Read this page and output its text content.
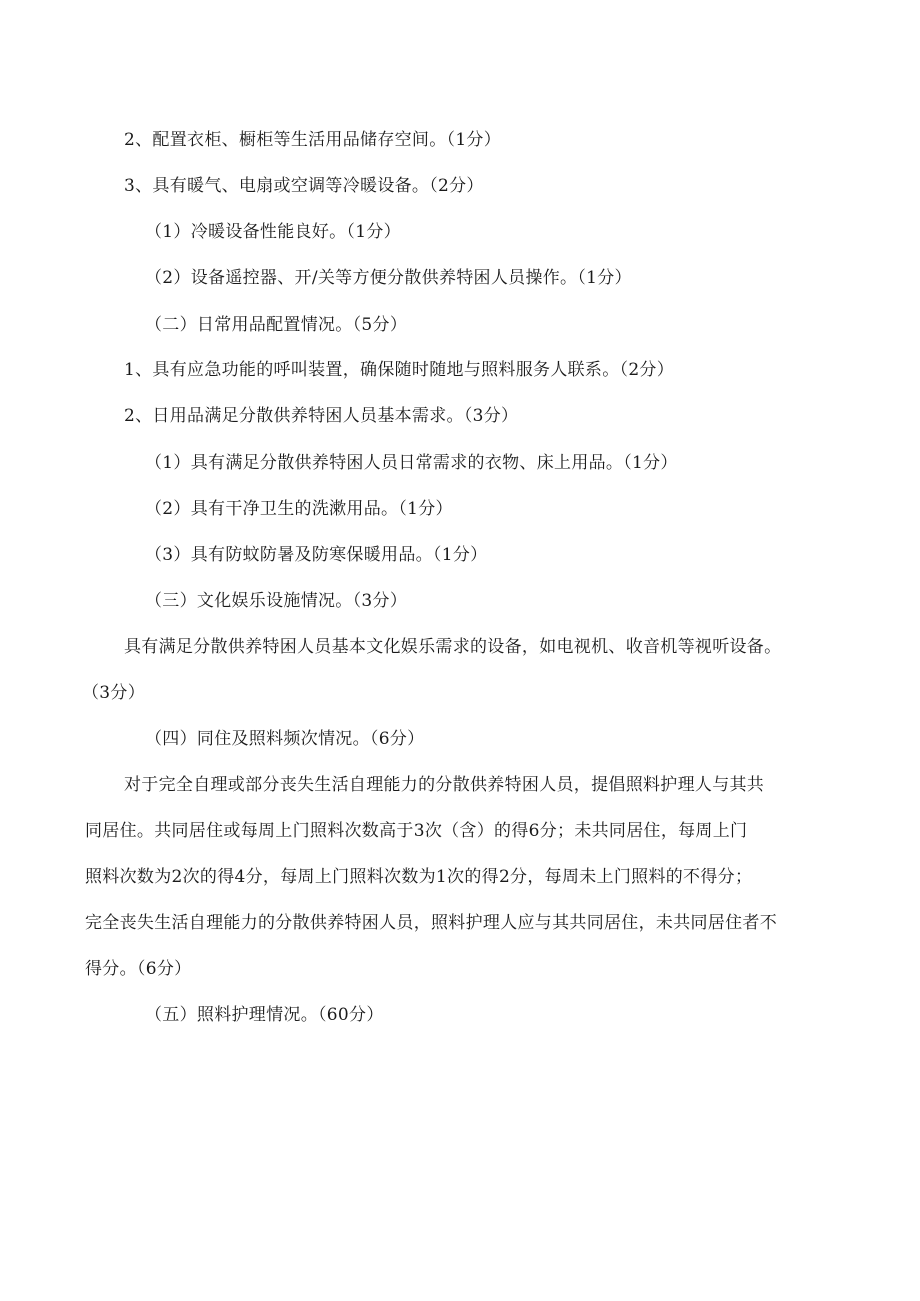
2、配置衣柜、橱柜等生活用品储存空间。（1分）
3、具有暖气、电扇或空调等冷暖设备。（2分）
（1）冷暖设备性能良好。（1分）
（2）设备遥控器、开/关等方便分散供养特困人员操作。（1分）
（二）日常用品配置情况。（5分）
1、具有应急功能的呼叫装置，确保随时随地与照料服务人联系。（2分）
2、日用品满足分散供养特困人员基本需求。（3分）
（1）具有满足分散供养特困人员日常需求的衣物、床上用品。（1分）
（2）具有干净卫生的洗漱用品。（1分）
（3）具有防蚊防暑及防寒保暖用品。（1分）
（三）文化娱乐设施情况。（3分）
具有满足分散供养特困人员基本文化娱乐需求的设备，如电视机、收音机等视听设备。
（3分）
（四）同住及照料频次情况。（6分）
对于完全自理或部分丧失生活自理能力的分散供养特困人员，提倡照料护理人与其共
同居住。共同居住或每周上门照料次数高于3次（含）的得6分；未共同居住，每周上门
照料次数为2次的得4分，每周上门照料次数为1次的得2分，每周未上门照料的不得分；
完全丧失生活自理能力的分散供养特困人员，照料护理人应与其共同居住，未共同居住者不
得分。（6分）
（五）照料护理情况。（60分）
